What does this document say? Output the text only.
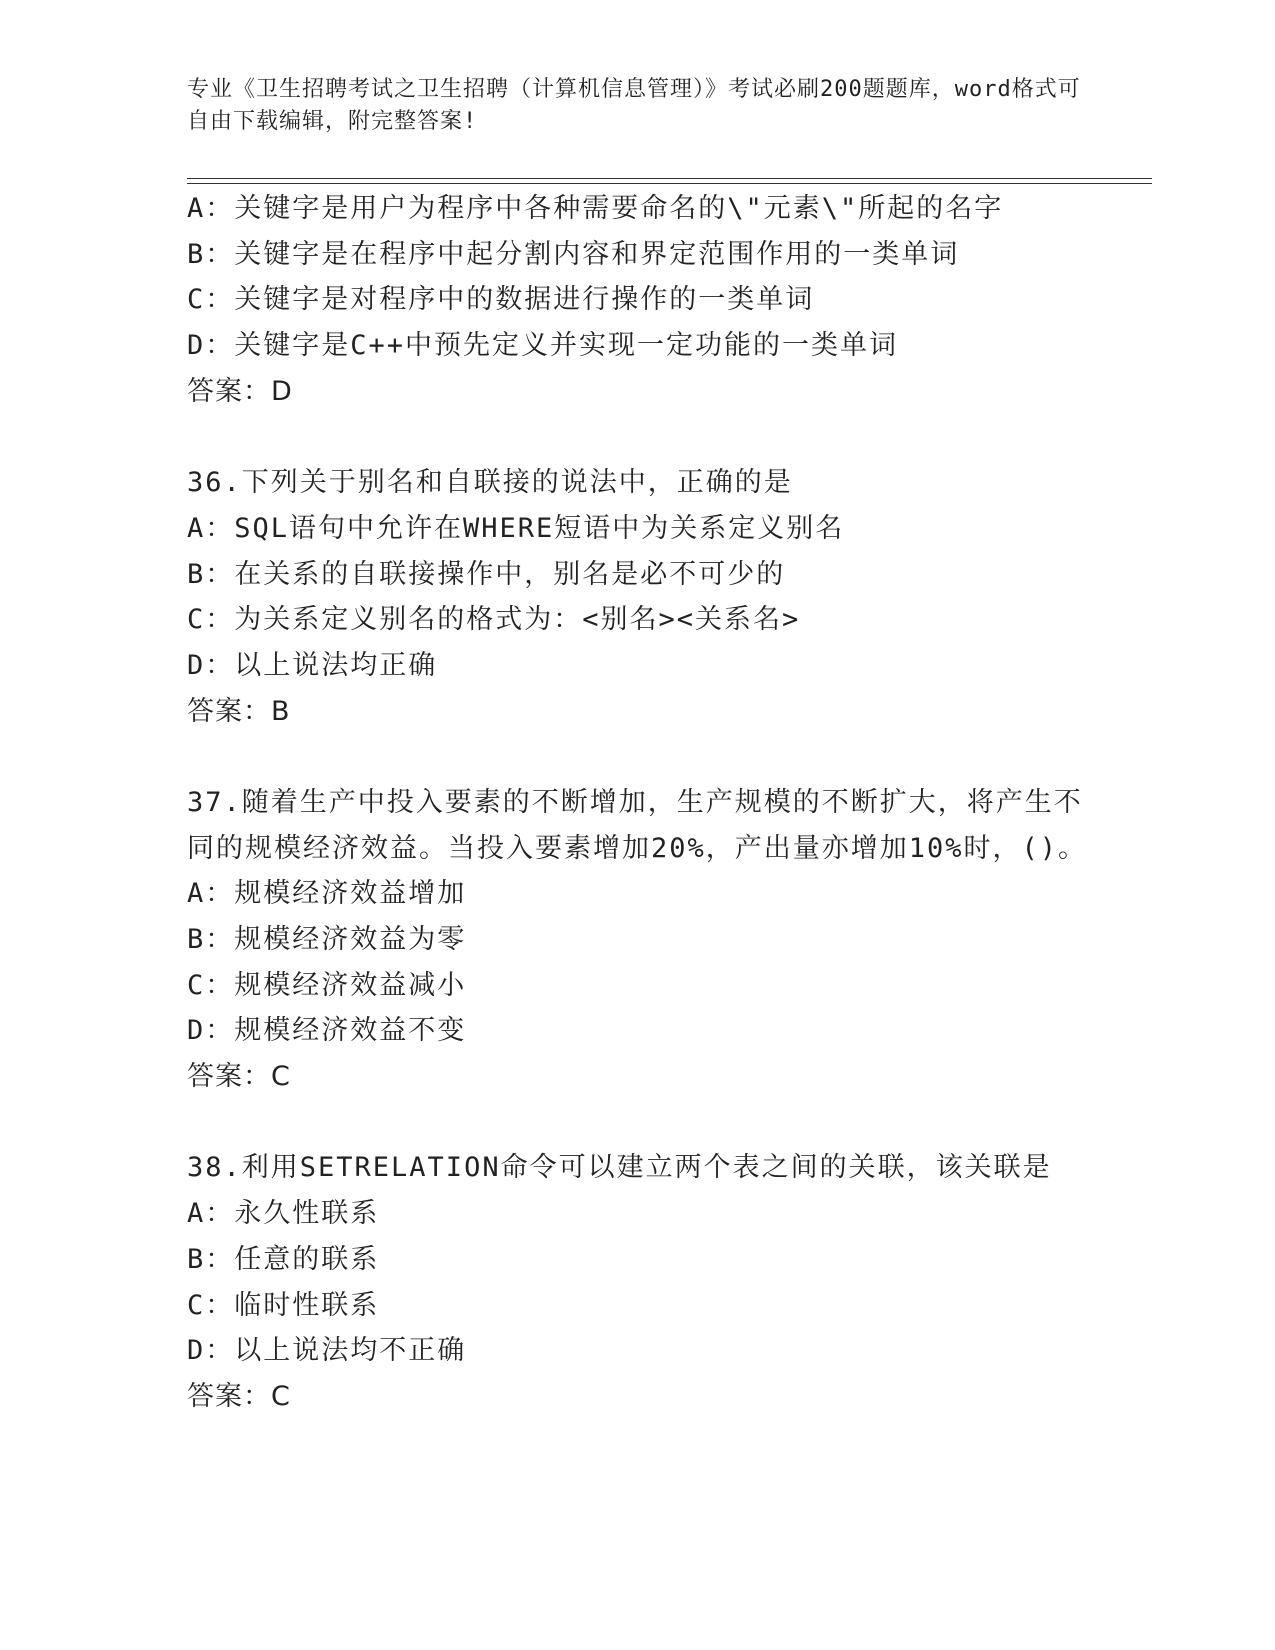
专业《卫生招聘考试之卫生招聘（计算机信息管理）》考试必刷200题题库，word格式可自由下载编辑，附完整答案!
A：关键字是用户为程序中各种需要命名的\"元素\"所起的名字
B：关键字是在程序中起分割内容和界定范围作用的一类单词
C：关键字是对程序中的数据进行操作的一类单词
D：关键字是C++中预先定义并实现一定功能的一类单词
答案：D
36.下列关于别名和自联接的说法中，正确的是
A：SQL语句中允许在WHERE短语中为关系定义别名
B：在关系的自联接操作中，别名是必不可少的
C：为关系定义别名的格式为：<别名><关系名>
D：以上说法均正确
答案：B
37.随着生产中投入要素的不断增加，生产规模的不断扩大，将产生不
同的规模经济效益。当投入要素增加20%，产出量亦增加10%时，()。
A：规模经济效益增加
B：规模经济效益为零
C：规模经济效益减小
D：规模经济效益不变
答案：C
38.利用SETRELATION命令可以建立两个表之间的关联，该关联是
A：永久性联系
B：任意的联系
C：临时性联系
D：以上说法均不正确
答案：C
